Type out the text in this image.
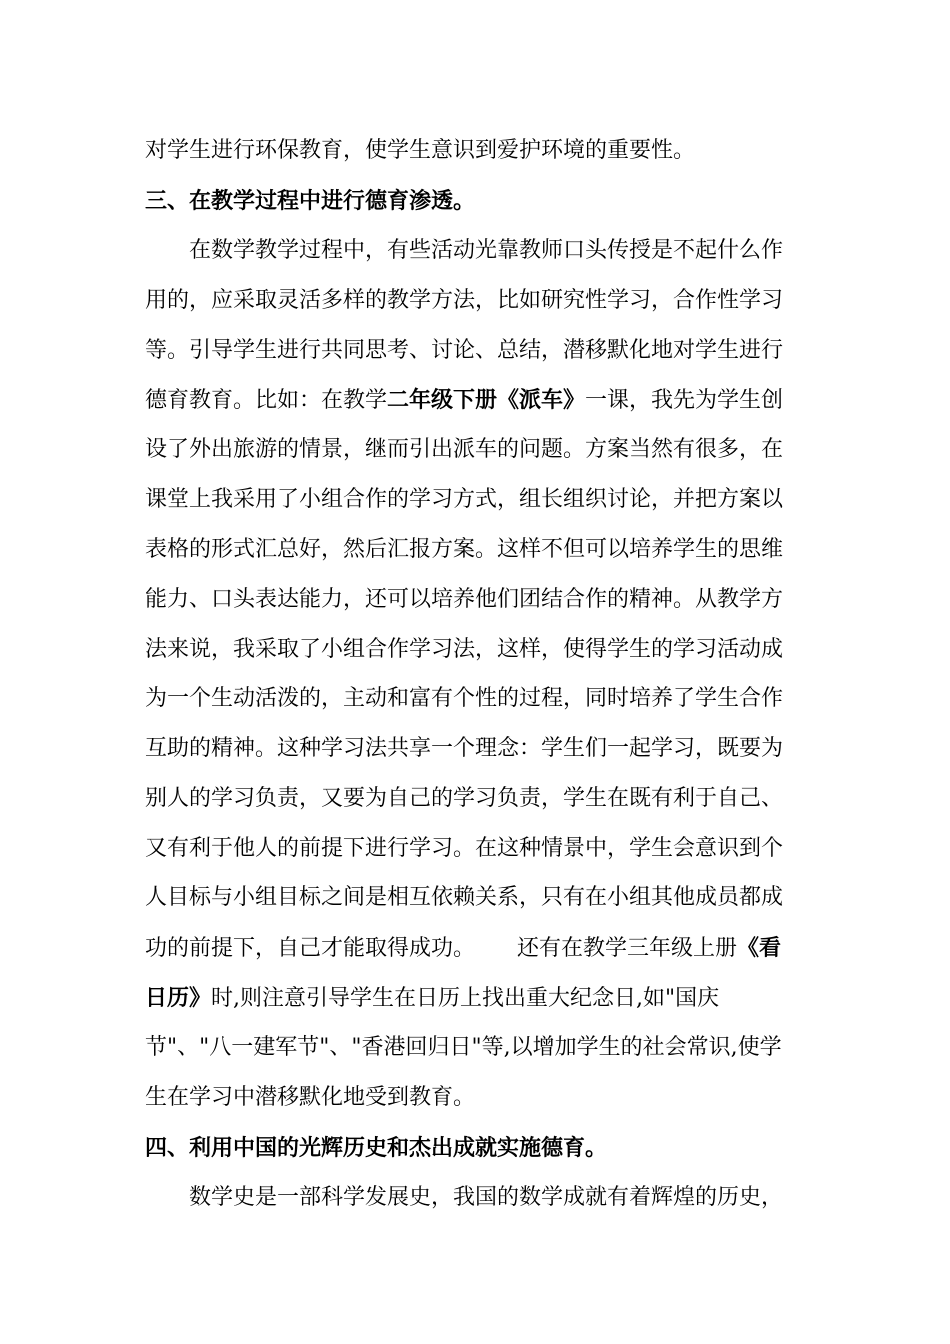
对学生进行环保教育，使学生意识到爱护环境的重要性。
三、在教学过程中进行德育渗透。
在数学教学过程中，有些活动光靠教师口头传授是不起什么作
用的，应采取灵活多样的教学方法，比如研究性学习，合作性学习
等。引导学生进行共同思考、讨论、总结，潜移默化地对学生进行
德育教育。比如：在教学二年级下册《派车》一课，我先为学生创
设了外出旅游的情景，继而引出派车的问题。方案当然有很多，在
课堂上我采用了小组合作的学习方式，组长组织讨论，并把方案以
表格的形式汇总好，然后汇报方案。这样不但可以培养学生的思维
能力、口头表达能力，还可以培养他们团结合作的精神。从教学方
法来说，我采取了小组合作学习法，这样，使得学生的学习活动成
为一个生动活泼的，主动和富有个性的过程，同时培养了学生合作
互助的精神。这种学习法共享一个理念：学生们一起学习，既要为
别人的学习负责，又要为自己的学习负责，学生在既有利于自己、
又有利于他人的前提下进行学习。在这种情景中，学生会意识到个
人目标与小组目标之间是相互依赖关系，只有在小组其他成员都成
功的前提下，自己才能取得成功。      还有在教学三年级上册《看
日历》时,则注意引导学生在日历上找出重大纪念日,如"国庆
节"、"八一建军节"、"香港回归日"等,以增加学生的社会常识,使学
生在学习中潜移默化地受到教育。
四、利用中国的光辉历史和杰出成就实施德育。
数学史是一部科学发展史，我国的数学成就有着辉煌的历史，
